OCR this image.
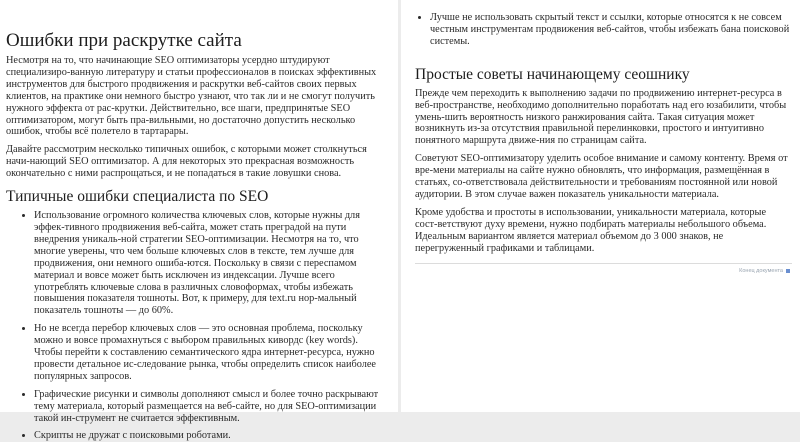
Ошибки при раскрутке сайта

Несмотря на то, что начинающие SEO оптимизаторы усердно штудируют специализиро-ванную литературу и статьи профессионалов в поисках эффективных инструментов для быстрого продвижения и раскрутки веб-сайтов своих первых клиентов, на практике они немного быстро узнают, что так ли и не смогут получить нужного эффекта от рас-крутки. Действительно, все шаги, предпринятые SEO оптимизатором, могут быть пра-вильными, но достаточно допустить несколько ошибок, чтобы всё полетело в тартарары.

Давайте рассмотрим несколько типичных ошибок, с которыми может столкнуться начи-нающий SEO оптимизатор. А для некоторых это прекрасная возможность окончательно с ними распрощаться, и не попадаться в такие ловушки снова.

Типичные ошибки специалиста по SEO
• Использование огромного количества ключевых слов, которые нужны для эффек-тивного продвижения веб-сайта, может стать преградой на пути внедрения уникаль-ной стратегии SEO-оптимизации. Несмотря на то, что многие уверены, что чем больше ключевых слов в тексте, тем лучше для продвижения, они немного ошиба-ются. Поскольку в связи с переспамом материал и вовсе может быть исключен из индексации. Лучше всего употреблять ключевые слова в различных словоформах, чтобы избежать повышения показателя тошноты. Вот, к примеру, для text.ru нор-мальный показатель тошноты — до 60%.
• Но не всегда перебор ключевых слов — это основная проблема, поскольку можно и вовсе промахнуться с выбором правильных кивордс (key words). Чтобы перейти к составлению семантического ядра интернет-ресурса, нужно провести детальное ис-следование рынка, чтобы определить список наиболее популярных запросов.
• Графические рисунки и символы дополняют смысл и более точно раскрывают тему материала, который размещается на веб-сайте, но для SEO-оптимизации такой ин-струмент не считается эффективным.
• Скрипты не дружат с поисковыми роботами.
• Лучше не использовать скрытый текст и ссылки, которые относятся к не совсем честным инструментам продвижения веб-сайтов, чтобы избежать бана поисковой системы.
Простые советы начинающему сеошнику

Прежде чем переходить к выполнению задачи по продвижению интернет-ресурса в веб-пространстве, необходимо дополнительно поработать над его юзабилити, чтобы умень-шить вероятность низкого ранжирования сайта. Такая ситуация может возникнуть из-за отсутствия правильной перелинковки, простого и интуитивно понятного маршрута движе-ния по страницам сайта.

Советуют SEO-оптимизатору уделить особое внимание и самому контенту. Время от вре-мени материалы на сайте нужно обновлять, что информация, размещённая в статьях, со-ответствовала действительности и требованиям постоянной или новой аудитории. В этом случае важен показатель уникальности материала.

Кроме удобства и простоты в использовании, уникальности материала, которые сост-ветствуют духу времени, нужно подбирать материалы небольшого объема. Идеальным вариантом является материал объемом до 3 000 знаков, не перегруженный графиками и таблицами.

Конец документа
